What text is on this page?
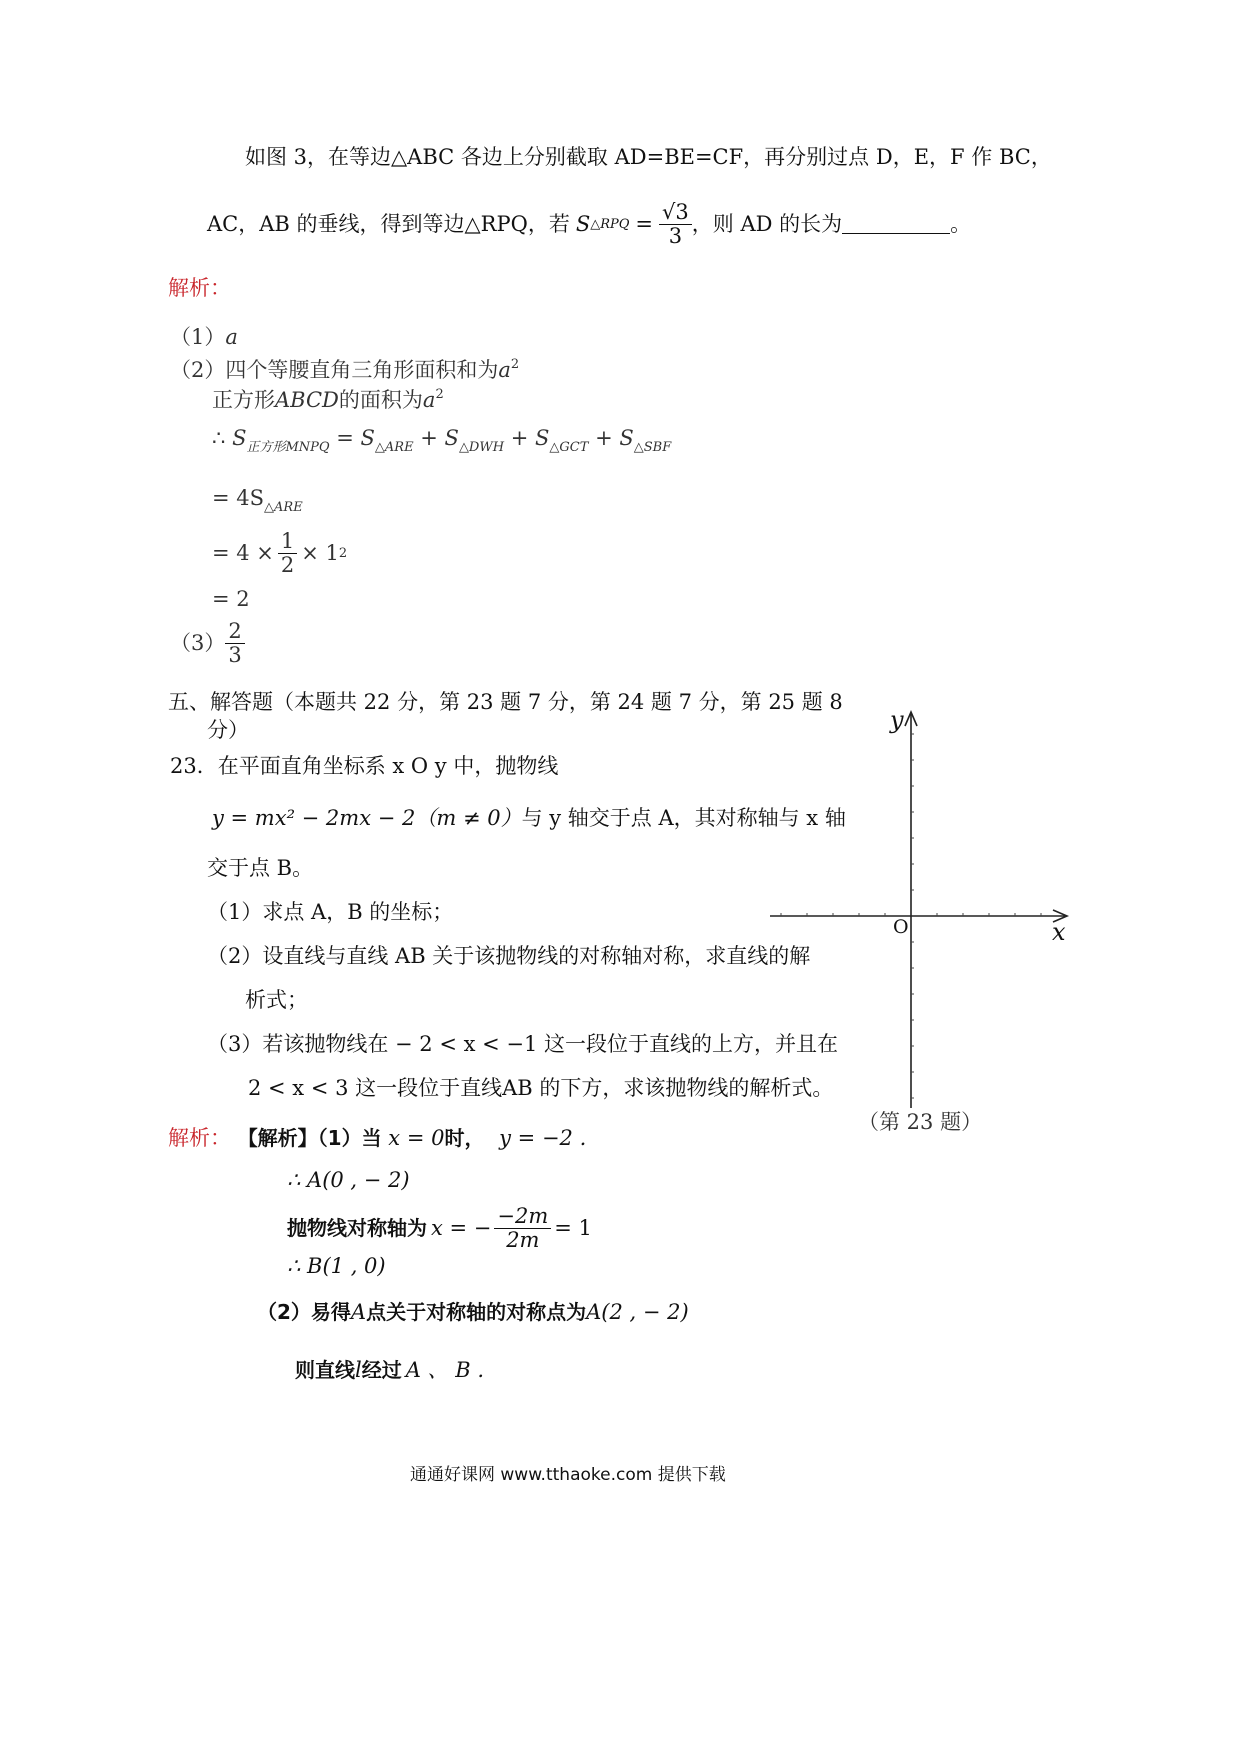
如图 3，在等边△ABC 各边上分别截取 AD=BE=CF，再分别过点 D，E，F 作 BC，
AC，AB 的垂线，得到等边△RPQ，若 S △RPQ = $\frac{√3}{3}$ ，则 AD 的长为	。
解析：
（1）a
（2）四个等腰直角三角形面积和为$a^2$
正方形ABCD的面积为$a^2$
∴ $S_{正方形MNPQ} = S_{\triangle ARE} + S_{\triangle DWH} + S_{\triangle GCT} + S_{\triangle SBF}$
= $4S_{\triangle ARE}$
= $4 \times \frac{1}{2} \times 1$ 2
= 2
$(3) \frac{2}{3}$
五、解答题（本题共 22 分，第 23 题 7 分，第 24 题 7 分，第 25 题 8
分）
23．在平面直角坐标系 x O y 中，抛物线
y = mx² − 2mx − 2（m ≠ 0）与 y 轴交于点 A，其对称轴与 x 轴
交于点 B。
（1）求点 A，B 的坐标；
（2）设直线与直线 AB 关于该抛物线的对称轴对称，求直线的解
析式；
（3）若该抛物线在 − 2 < x < −1 这一段位于直线的上方，并且在
2 < x < 3 这一段位于直线AB 的下方，求该抛物线的解析式。
y
x
O
（第 23 题）
解析： 【解析】（1）当 x = 0时， y = −2 .
∴ A(0 , − 2)
抛物线对称轴为 x = − $\frac{-2m}{2m} = 1$
∴ B(1 , 0)
（2）易得A点关于对称轴的对称点为A(2 , − 2)
则直线l经过 A 、 B .
通通好课网 www.tthaoke.com 提供下载
